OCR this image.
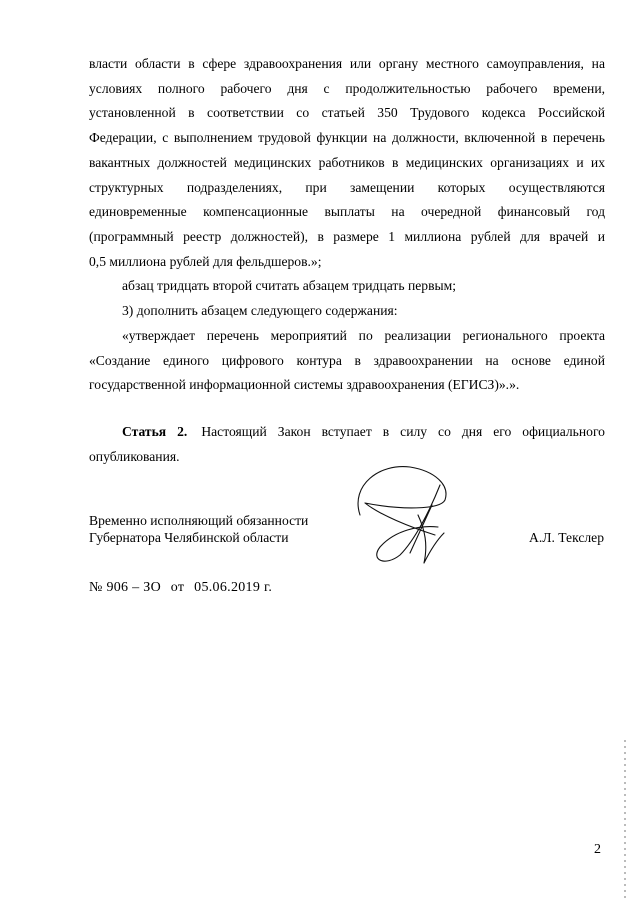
власти области в сфере здравоохранения или органу местного самоуправления, на
условиях полного рабочего дня с продолжительностью рабочего времени,
установленной в соответствии со статьей 350 Трудового кодекса Российской
Федерации, с выполнением трудовой функции на должности, включенной в перечень
вакантных должностей медицинских работников в медицинских организациях и их
структурных подразделениях, при замещении которых осуществляются
единовременные компенсационные выплаты на очередной финансовый год
(программный реестр должностей), в размере 1 миллиона рублей для врачей и
0,5 миллиона рублей для фельдшеров.»;
абзац тридцать второй считать абзацем тридцать первым;
3) дополнить абзацем следующего содержания:
«утверждает перечень мероприятий по реализации регионального проекта
«Создание единого цифрового контура в здравоохранении на основе единой
государственной информационной системы здравоохранения (ЕГИСЗ)».».
Статья 2. Настоящий Закон вступает в силу со дня его официального
опубликования.
Временно исполняющий обязанности
Губернатора Челябинской области	А.Л. Текслер
№ 906 – ЗО от 05.06.2019 г.
2
